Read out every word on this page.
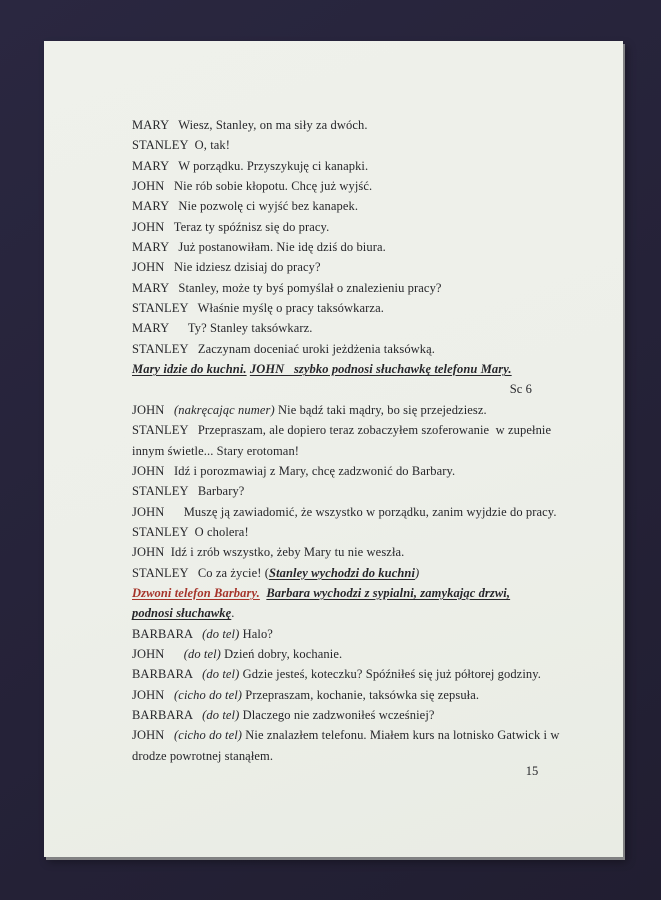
MARY   Wiesz, Stanley, on ma siły za dwóch.
STANLEY  O, tak!
MARY   W porządku. Przyszykuję ci kanapki.
JOHN   Nie rób sobie kłopotu. Chcę już wyjść.
MARY   Nie pozwolę ci wyjść bez kanapek.
JOHN   Teraz ty spóźnisz się do pracy.
MARY   Już postanowiłam. Nie idę dziś do biura.
JOHN   Nie idziesz dzisiaj do pracy?
MARY   Stanley, może ty byś pomyślał o znalezieniu pracy?
STANLEY   Właśnie myślę o pracy taksówkarza.
MARY      Ty? Stanley taksówkarz.
STANLEY   Zaczynam doceniać uroki jeżdżenia taksówką.
Mary idzie do kuchni. JOHN   szybko podnosi słuchawkę telefonu Mary.
Sc 6
JOHN   (nakręcając numer) Nie bądź taki mądry, bo się przejedziesz.
STANLEY   Przepraszam, ale dopiero teraz zobaczyłem szoferowanie  w zupełnie
innym świetle... Stary erotoman!
JOHN   Idź i porozmawiaj z Mary, chcę zadzwonić do Barbary.
STANLEY   Barbary?
JOHN      Muszę ją zawiadomić, że wszystko w porządku, zanim wyjdzie do pracy.
STANLEY  O cholera!
JOHN  Idź i zrób wszystko, żeby Mary tu nie weszła.
STANLEY   Co za życie! (Stanley wychodzi do kuchni)
Dzwoni telefon Barbary. Barbara wychodzi z sypialni, zamykając drzwi,
podnosi słuchawkę.
BARBARA   (do tel) Halo?
JOHN      (do tel) Dzień dobry, kochanie.
BARBARA   (do tel) Gdzie jesteś, koteczku? Spóźniłeś się już półtorej godziny.
JOHN   (cicho do tel) Przepraszam, kochanie, taksówka się zepsuła.
BARBARA   (do tel) Dlaczego nie zadzwoniłeś wcześniej?
JOHN   (cicho do tel) Nie znalazłem telefonu. Miałem kurs na lotnisko Gatwick i w
drodze powrotnej stanąłem.
15
